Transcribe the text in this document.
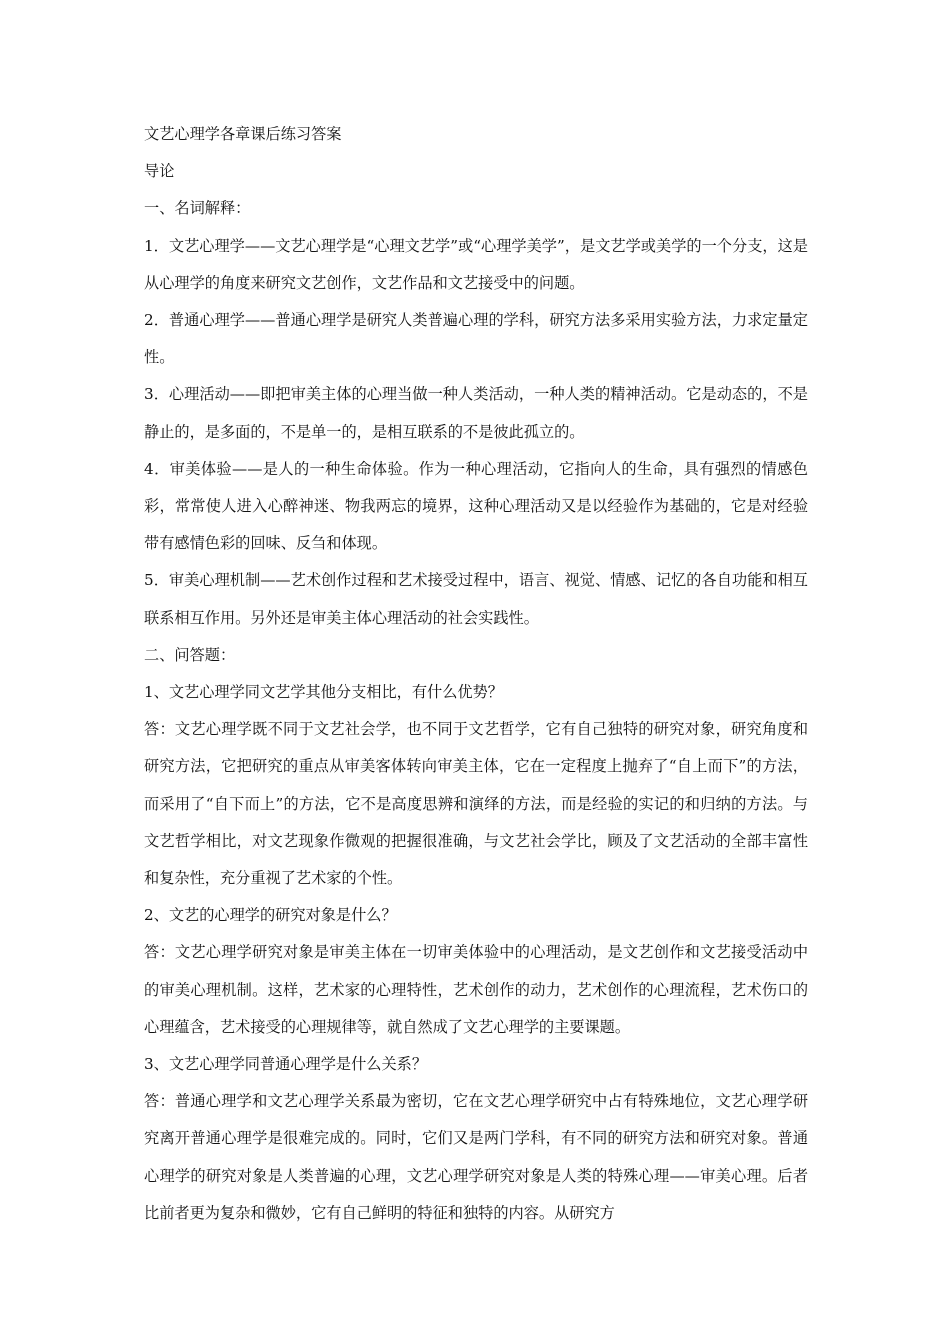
文艺心理学各章课后练习答案

导论

一、名词解释：

1．文艺心理学——文艺心理学是“心理文艺学”或“心理学美学”，是文艺学或美学的一个分支，这是从心理学的角度来研究文艺创作，文艺作品和文艺接受中的问题。

2．普通心理学——普通心理学是研究人类普遍心理的学科，研究方法多采用实验方法，力求定量定性。

3．心理活动——即把审美主体的心理当做一种人类活动，一种人类的精神活动。它是动态的，不是静止的，是多面的，不是单一的，是相互联系的不是彼此孤立的。

4．审美体验——是人的一种生命体验。作为一种心理活动，它指向人的生命，具有强烈的情感色彩，常常使人进入心醉神迷、物我两忘的境界，这种心理活动又是以经验作为基础的，它是对经验带有感情色彩的回味、反刍和体现。

5．审美心理机制——艺术创作过程和艺术接受过程中，语言、视觉、情感、记忆的各自功能和相互联系相互作用。另外还是审美主体心理活动的社会实践性。

二、问答题：

1、文艺心理学同文艺学其他分支相比，有什么优势？

答：文艺心理学既不同于文艺社会学，也不同于文艺哲学，它有自己独特的研究对象，研究角度和研究方法，它把研究的重点从审美客体转向审美主体，它在一定程度上抛弃了“自上而下”的方法，而采用了“自下而上”的方法，它不是高度思辨和演绎的方法，而是经验的实记的和归纳的方法。与文艺哲学相比，对文艺现象作微观的把握很准确，与文艺社会学比，顾及了文艺活动的全部丰富性和复杂性，充分重视了艺术家的个性。

2、文艺的心理学的研究对象是什么？

答：文艺心理学研究对象是审美主体在一切审美体验中的心理活动，是文艺创作和文艺接受活动中的审美心理机制。这样，艺术家的心理特性，艺术创作的动力，艺术创作的心理流程，艺术伤口的心理蕴含，艺术接受的心理规律等，就自然成了文艺心理学的主要课题。

3、文艺心理学同普通心理学是什么关系？

答：普通心理学和文艺心理学关系最为密切，它在文艺心理学研究中占有特殊地位，文艺心理学研究离开普通心理学是很难完成的。同时，它们又是两门学科，有不同的研究方法和研究对象。普通心理学的研究对象是人类普遍的心理，文艺心理学研究对象是人类的特殊心理——审美心理。后者比前者更为复杂和微妙，它有自己鲜明的特征和独特的内容。从研究方
